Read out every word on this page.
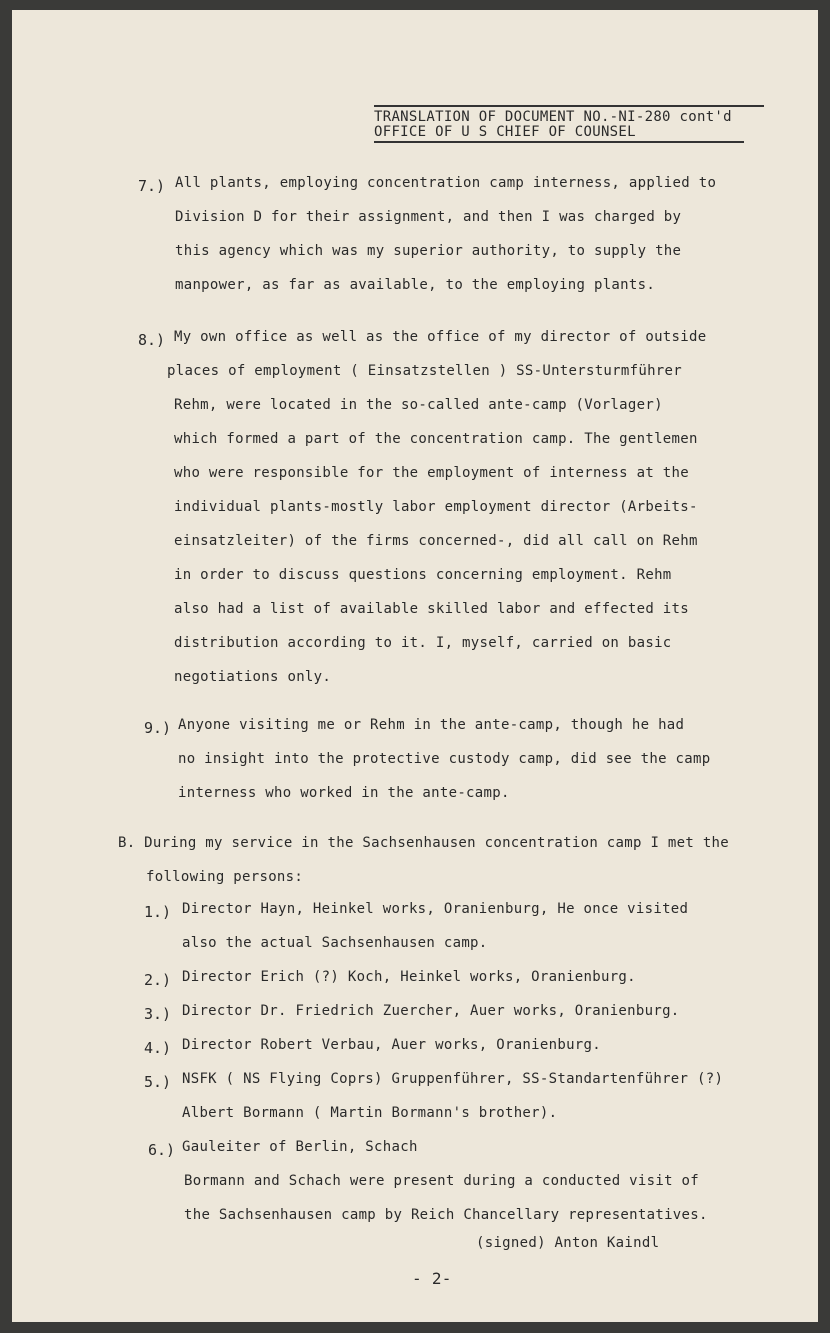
TRANSLATION OF DOCUMENT NO.-NI-280 cont'd
OFFICE OF U S CHIEF OF COUNSEL
7.) All plants, employing concentration camp interness, applied to
Division D for their assignment, and then I was charged by
this agency which was my superior authority, to supply the
manpower, as far as available, to the employing plants.
8.) My own office as well as the office of my director of outside
places of employment ( Einsatzstellen ) SS-Untersturmführer
Rehm, were located in the so-called ante-camp (Vorlager)
which formed a part of the concentration camp. The gentlemen
who were responsible for the employment of interness at the
individual plants-mostly labor employment director (Arbeits-
einsatzleiter) of the firms concerned-, did all call on Rehm
in order to discuss questions concerning employment. Rehm
also had a list of available skilled labor and effected its
distribution according to it. I, myself, carried on basic
negotiations only.
9.) Anyone visiting me or Rehm in the ante-camp, though he had
no insight into the protective custody camp, did see the camp
interness who worked in the ante-camp.
B. During my service in the Sachsenhausen concentration camp I met the
following persons:
1.) Director Hayn, Heinkel works, Oranienburg, He once visited
also the actual Sachsenhausen camp.
2.) Director Erich (?) Koch, Heinkel works, Oranienburg.
3.) Director Dr. Friedrich Zuercher, Auer works, Oranienburg.
4.) Director Robert Verbau, Auer works, Oranienburg.
5.) NSFK ( NS Flying Coprs) Gruppenführer, SS-Standartenführer (?)
Albert Bormann ( Martin Bormann's brother).
6.) Gauleiter of Berlin, Schach
Bormann and Schach were present during a conducted visit of
the Sachsenhausen camp by Reich Chancellary representatives.
(signed) Anton Kaindl
- 2-
